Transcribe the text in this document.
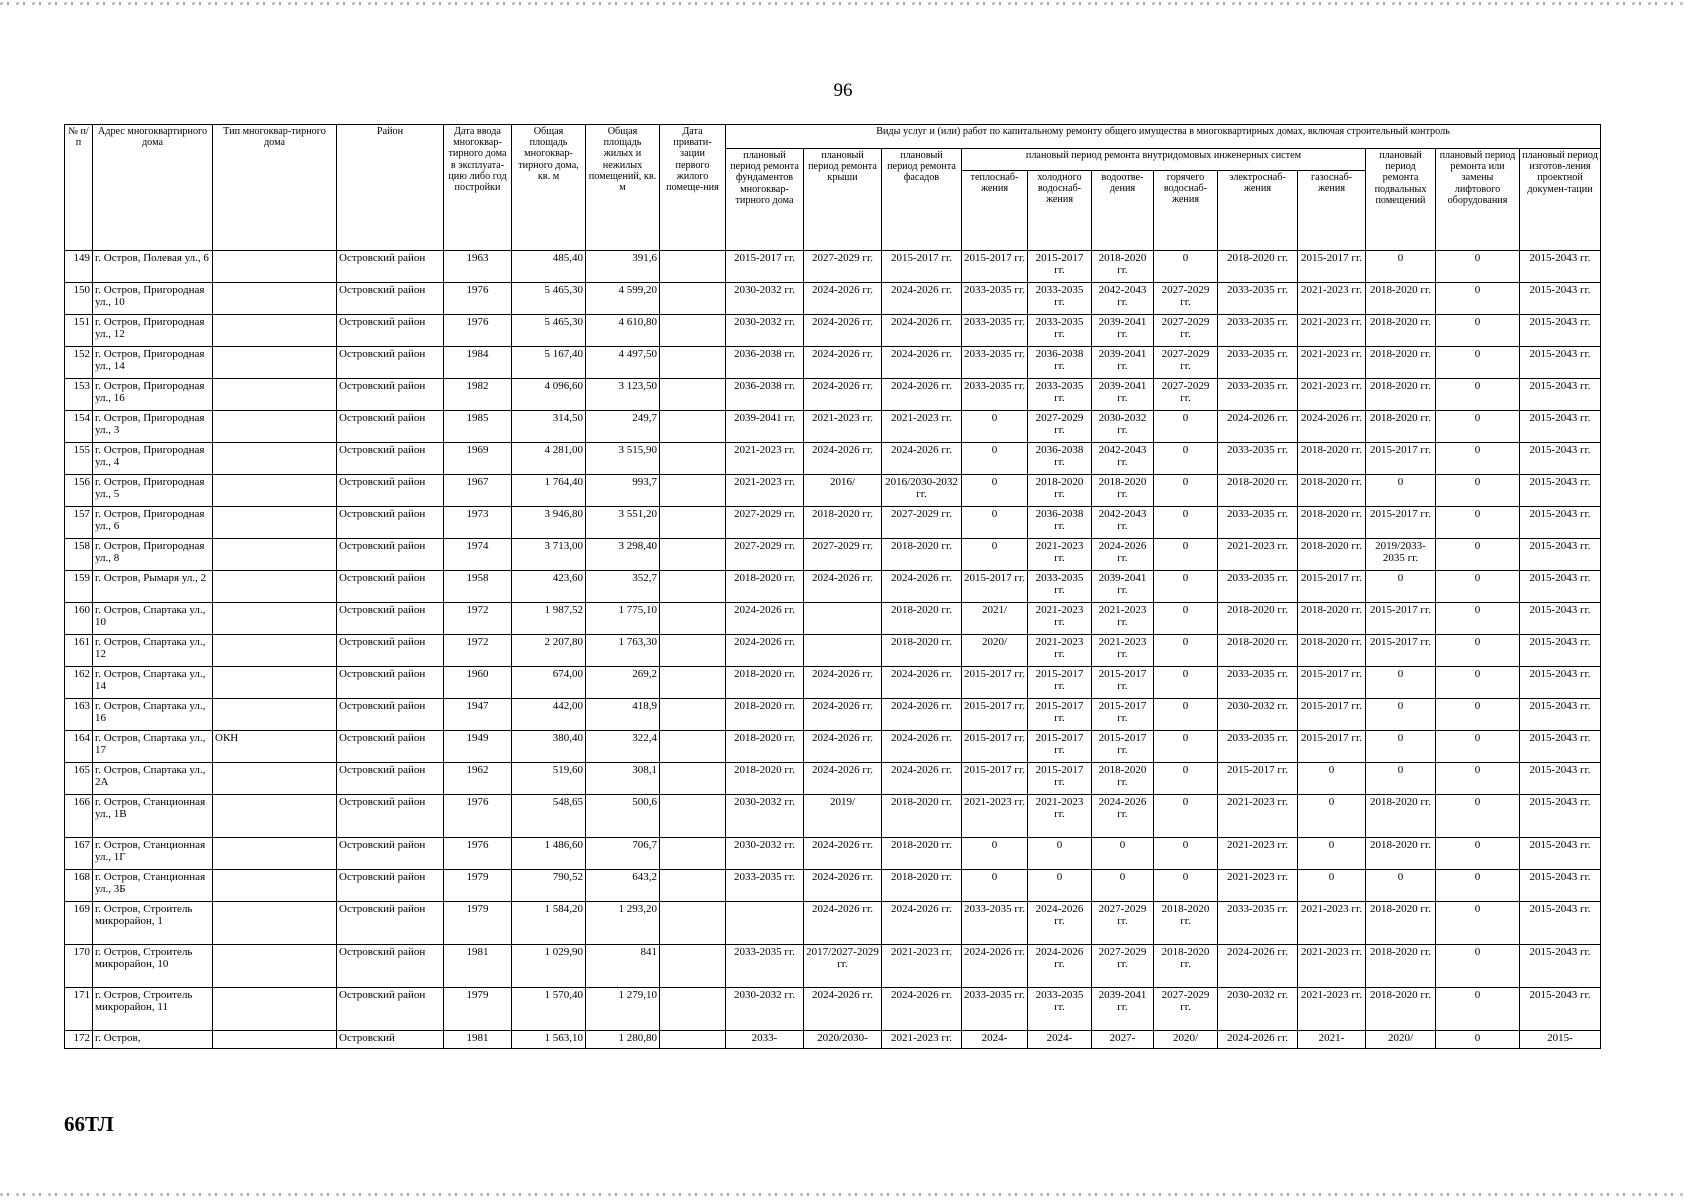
96
№ п/п	Адрес многоквартирного дома	Тип многоквар-тирного дома	Район	Дата ввода многоквар-тирного дома в эксплуата-цию либо год постройки	Общая площадь многоквар-тирного дома, кв. м	Общая площадь жилых и нежилых помещений, кв. м	Дата привати-зации первого жилого помеще-ния	Виды услуг и (или) работ по капитальному ремонту общего имущества в многоквартирных домах, включая строительный контроль											
								плановый период ремонта фундаментов многоквар-тирного дома	плановый период ремонта крыши	плановый период ремонта фасадов	плановый период ремонта внутридомовых инженерных систем						плановый период ремонта подвальных помещений	плановый период ремонта или замены лифтового оборудования	плановый период изготов-ления проектной докумен-тации
											теплоснаб-жения	холодного водоснаб-жения	водоотве-дения	горячего водоснаб-жения	электроснаб-жения	газоснаб-жения			
149	г. Остров, Полевая ул., 6		Островский район	1963	485,40	391,6		2015-2017 гг.	2027-2029 гг.	2015-2017 гг.	2015-2017 гг.	2015-2017 гг.	2018-2020 гг.	0	2018-2020 гг.	2015-2017 гг.	0	0	2015-2043 гг.
150	г. Остров, Пригородная ул., 10		Островский район	1976	5 465,30	4 599,20		2030-2032 гг.	2024-2026 гг.	2024-2026 гг.	2033-2035 гг.	2033-2035 гг.	2042-2043 гг.	2027-2029 гг.	2033-2035 гг.	2021-2023 гг.	2018-2020 гг.	0	2015-2043 гг.
151	г. Остров, Пригородная ул., 12		Островский район	1976	5 465,30	4 610,80		2030-2032 гг.	2024-2026 гг.	2024-2026 гг.	2033-2035 гг.	2033-2035 гг.	2039-2041 гг.	2027-2029 гг.	2033-2035 гг.	2021-2023 гг.	2018-2020 гг.	0	2015-2043 гг.
152	г. Остров, Пригородная ул., 14		Островский район	1984	5 167,40	4 497,50		2036-2038 гг.	2024-2026 гг.	2024-2026 гг.	2033-2035 гг.	2036-2038 гг.	2039-2041 гг.	2027-2029 гг.	2033-2035 гг.	2021-2023 гг.	2018-2020 гг.	0	2015-2043 гг.
153	г. Остров, Пригородная ул., 16		Островский район	1982	4 096,60	3 123,50		2036-2038 гг.	2024-2026 гг.	2024-2026 гг.	2033-2035 гг.	2033-2035 гг.	2039-2041 гг.	2027-2029 гг.	2033-2035 гг.	2021-2023 гг.	2018-2020 гг.	0	2015-2043 гг.
154	г. Остров, Пригородная ул., 3		Островский район	1985	314,50	249,7		2039-2041 гг.	2021-2023 гг.	2021-2023 гг.	0	2027-2029 гг.	2030-2032 гг.	0	2024-2026 гг.	2024-2026 гг.	2018-2020 гг.	0	2015-2043 гг.
155	г. Остров, Пригородная ул., 4		Островский район	1969	4 281,00	3 515,90		2021-2023 гг.	2024-2026 гг.	2024-2026 гг.	0	2036-2038 гг.	2042-2043 гг.	0	2033-2035 гг.	2018-2020 гг.	2015-2017 гг.	0	2015-2043 гг.
156	г. Остров, Пригородная ул., 5		Островский район	1967	1 764,40	993,7		2021-2023 гг.	2016/	2016/2030-2032 гг.	0	2018-2020 гг.	2018-2020 гг.	0	2018-2020 гг.	2018-2020 гг.	0	0	2015-2043 гг.
157	г. Остров, Пригородная ул., 6		Островский район	1973	3 946,80	3 551,20		2027-2029 гг.	2018-2020 гг.	2027-2029 гг.	0	2036-2038 гг.	2042-2043 гг.	0	2033-2035 гг.	2018-2020 гг.	2015-2017 гг.	0	2015-2043 гг.
158	г. Остров, Пригородная ул., 8		Островский район	1974	3 713,00	3 298,40		2027-2029 гг.	2027-2029 гг.	2018-2020 гг.	0	2021-2023 гг.	2024-2026 гг.	0	2021-2023 гг.	2018-2020 гг.	2019/2033-2035 гг.	0	2015-2043 гг.
159	г. Остров, Рымаря ул., 2		Островский район	1958	423,60	352,7		2018-2020 гг.	2024-2026 гг.	2024-2026 гг.	2015-2017 гг.	2033-2035 гг.	2039-2041 гг.	0	2033-2035 гг.	2015-2017 гг.	0	0	2015-2043 гг.
160	г. Остров, Спартака ул., 10		Островский район	1972	1 987,52	1 775,10		2024-2026 гг.		2018-2020 гг.	2021/	2021-2023 гг.	2021-2023 гг.	0	2018-2020 гг.	2018-2020 гг.	2015-2017 гг.	0	2015-2043 гг.
161	г. Остров, Спартака ул., 12		Островский район	1972	2 207,80	1 763,30		2024-2026 гг.		2018-2020 гг.	2020/	2021-2023 гг.	2021-2023 гг.	0	2018-2020 гг.	2018-2020 гг.	2015-2017 гг.	0	2015-2043 гг.
162	г. Остров, Спартака ул., 14		Островский район	1960	674,00	269,2		2018-2020 гг.	2024-2026 гг.	2024-2026 гг.	2015-2017 гг.	2015-2017 гг.	2015-2017 гг.	0	2033-2035 гг.	2015-2017 гг.	0	0	2015-2043 гг.
163	г. Остров, Спартака ул., 16		Островский район	1947	442,00	418,9		2018-2020 гг.	2024-2026 гг.	2024-2026 гг.	2015-2017 гг.	2015-2017 гг.	2015-2017 гг.	0	2030-2032 гг.	2015-2017 гг.	0	0	2015-2043 гг.
164	г. Остров, Спартака ул., 17	ОКН	Островский район	1949	380,40	322,4		2018-2020 гг.	2024-2026 гг.	2024-2026 гг.	2015-2017 гг.	2015-2017 гг.	2015-2017 гг.	0	2033-2035 гг.	2015-2017 гг.	0	0	2015-2043 гг.
165	г. Остров, Спартака ул., 2А		Островский район	1962	519,60	308,1		2018-2020 гг.	2024-2026 гг.	2024-2026 гг.	2015-2017 гг.	2015-2017 гг.	2018-2020 гг.	0	2015-2017 гг.	0	0	0	2015-2043 гг.
166	г. Остров, Станционная ул., 1В		Островский район	1976	548,65	500,6		2030-2032 гг.	2019/	2018-2020 гг.	2021-2023 гг.	2021-2023 гг.	2024-2026 гг.	0	2021-2023 гг.	0	2018-2020 гг.	0	2015-2043 гг.
167	г. Остров, Станционная ул., 1Г		Островский район	1976	1 486,60	706,7		2030-2032 гг.	2024-2026 гг.	2018-2020 гг.	0	0	0	0	2021-2023 гг.	0	2018-2020 гг.	0	2015-2043 гг.
168	г. Остров, Станционная ул., 3Б		Островский район	1979	790,52	643,2		2033-2035 гг.	2024-2026 гг.	2018-2020 гг.	0	0	0	0	2021-2023 гг.	0	0	0	2015-2043 гг.
169	г. Остров, Строитель микрорайон, 1		Островский район	1979	1 584,20	1 293,20			2024-2026 гг.	2024-2026 гг.	2033-2035 гг.	2024-2026 гг.	2027-2029 гг.	2018-2020 гг.	2033-2035 гг.	2021-2023 гг.	2018-2020 гг.	0	2015-2043 гг.
170	г. Остров, Строитель микрорайон, 10		Островский район	1981	1 029,90	841		2033-2035 гг.	2017/2027-2029 гг.	2021-2023 гг.	2024-2026 гг.	2024-2026 гг.	2027-2029 гг.	2018-2020 гг.	2024-2026 гг.	2021-2023 гг.	2018-2020 гг.	0	2015-2043 гг.
171	г. Остров, Строитель микрорайон, 11		Островский район	1979	1 570,40	1 279,10		2030-2032 гг.	2024-2026 гг.	2024-2026 гг.	2033-2035 гг.	2033-2035 гг.	2039-2041 гг.	2027-2029 гг.	2030-2032 гг.	2021-2023 гг.	2018-2020 гг.	0	2015-2043 гг.
172	г. Остров,		Островский	1981	1 563,10	1 280,80		2033-	2020/2030-	2021-2023 гг.	2024-	2024-	2027-	2020/	2024-2026 гг.	2021-	2020/	0	2015-
66ТЛ
